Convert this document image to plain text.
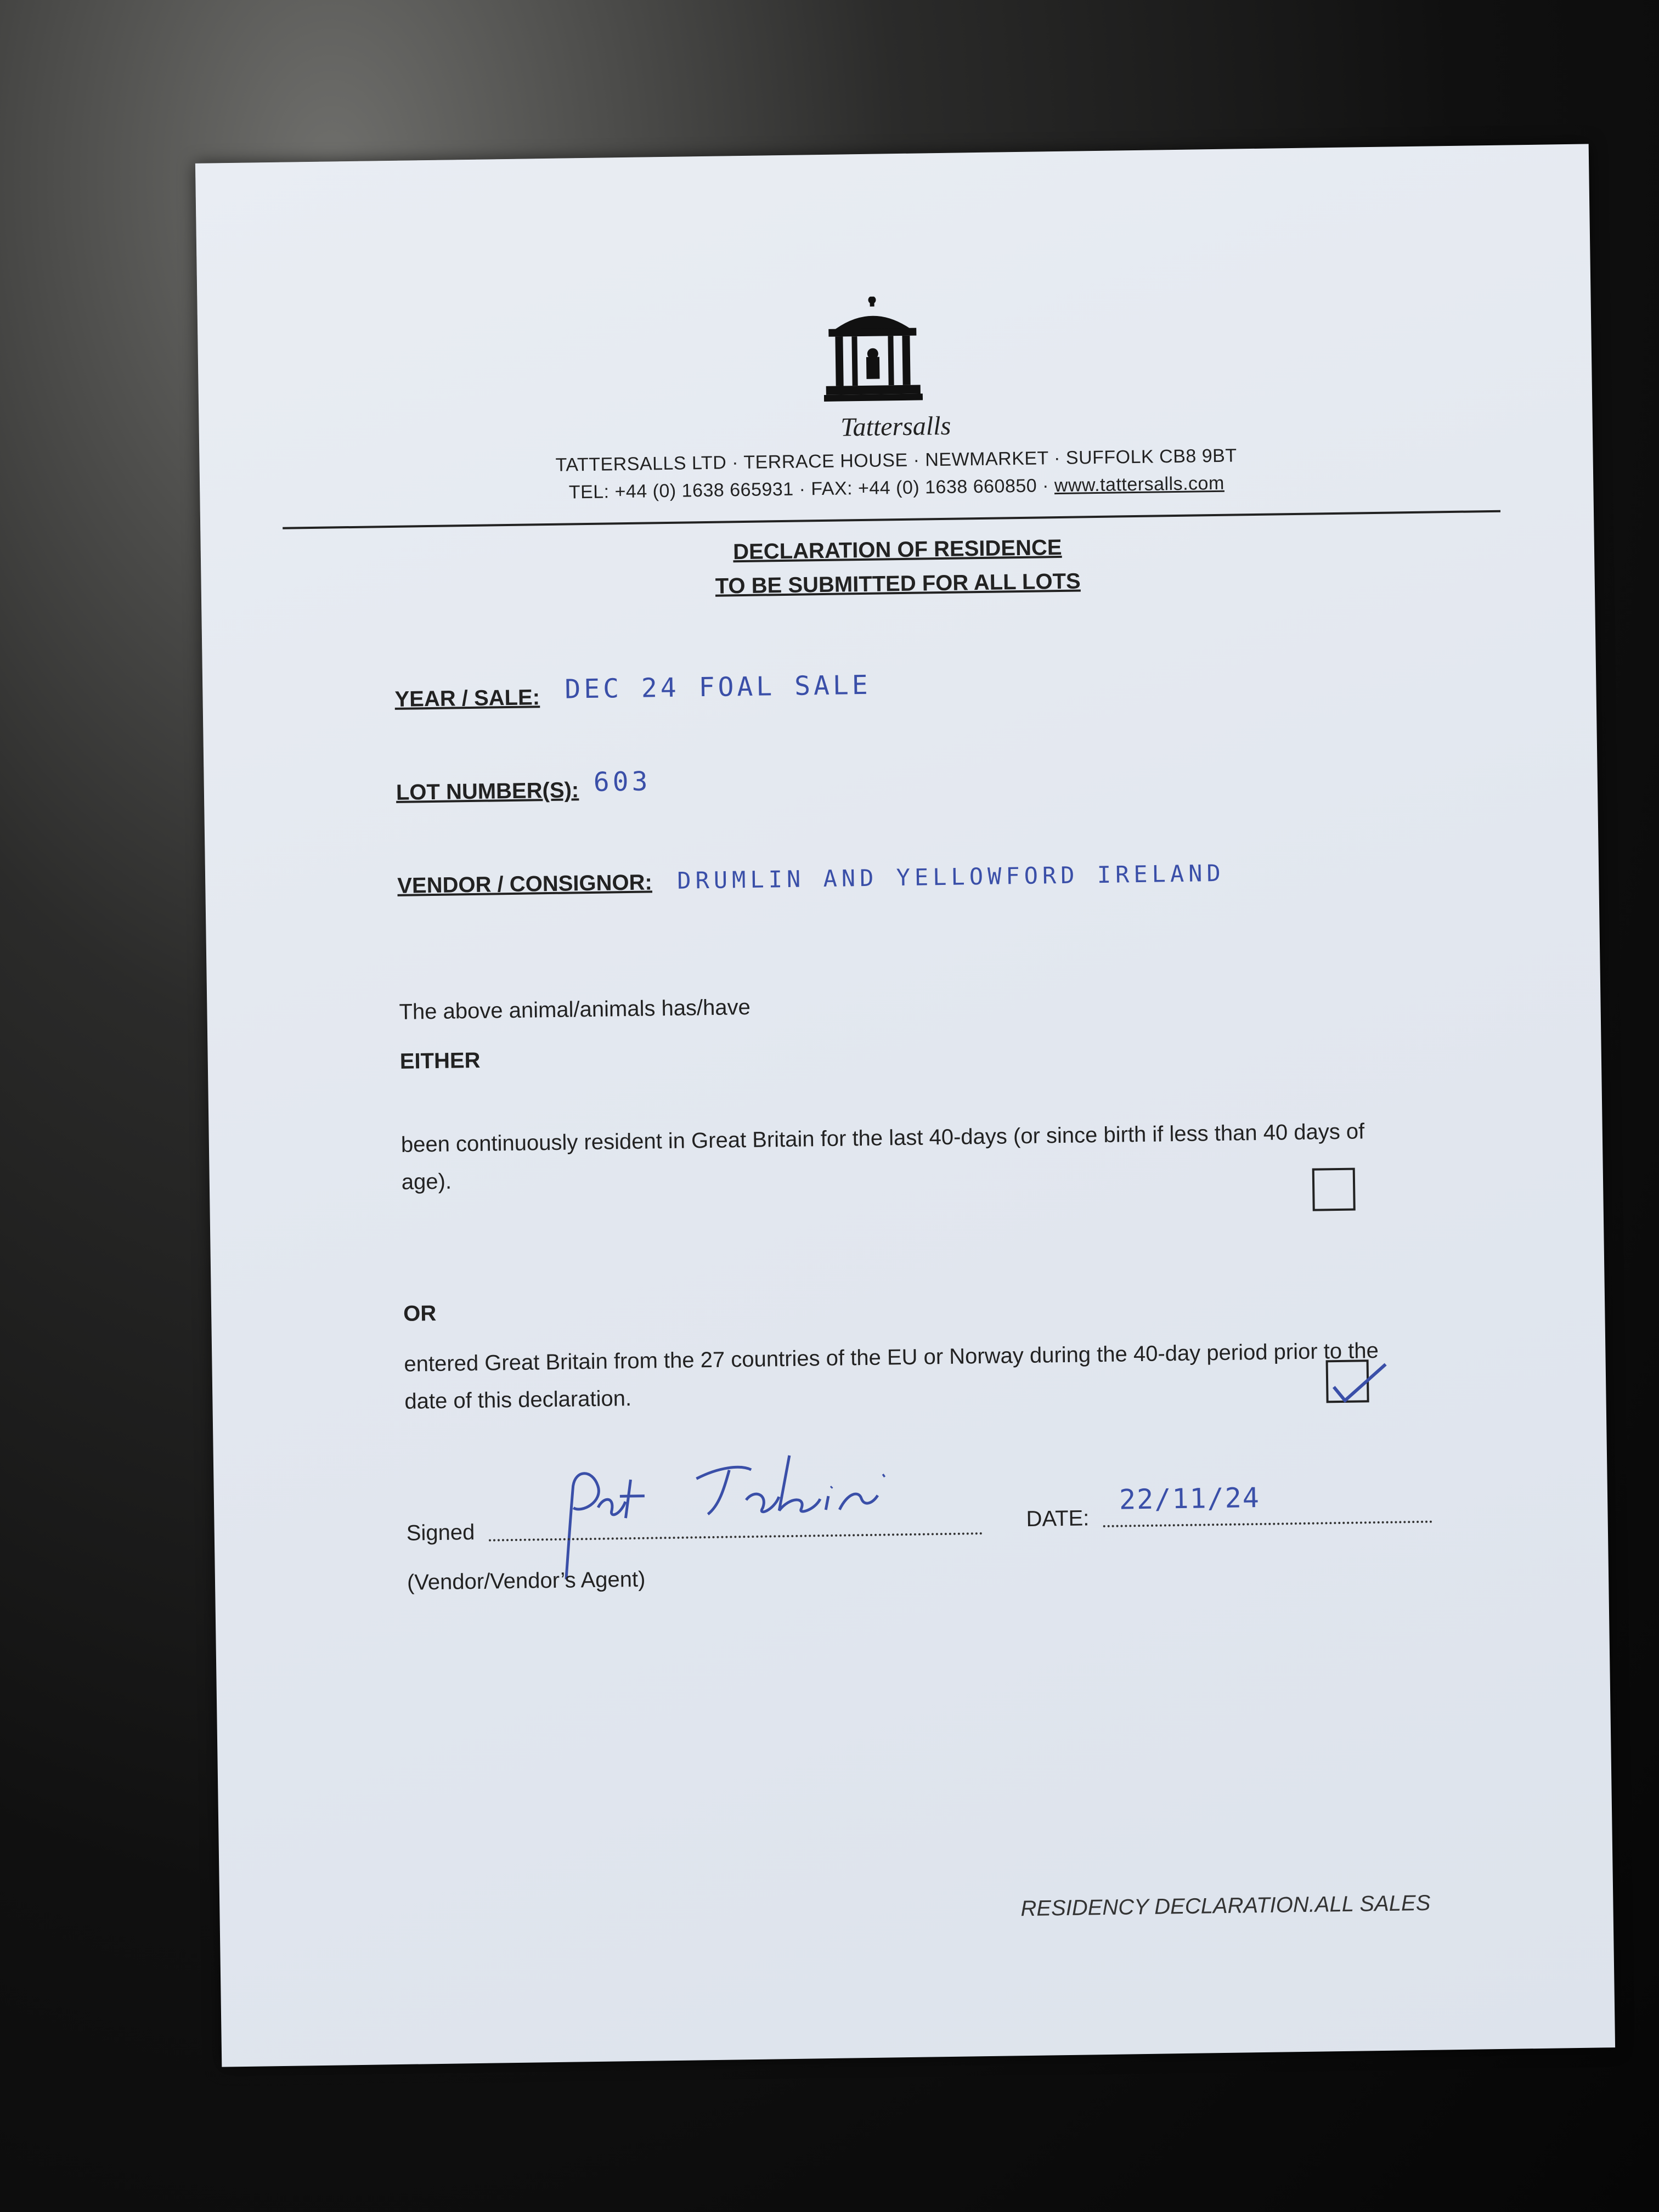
Tattersalls
TATTERSALLS LTD · TERRACE HOUSE · NEWMARKET · SUFFOLK CB8 9BT
TEL: +44 (0) 1638 665931 · FAX: +44 (0) 1638 660850 · www.tattersalls.com
DECLARATION OF RESIDENCE
TO BE SUBMITTED FOR ALL LOTS
YEAR / SALE: DEC 24 FOAL SALE
LOT NUMBER(S): 603
VENDOR / CONSIGNOR: DRUMLIN AND YELLOWFORD IRELAND
The above animal/animals has/have
EITHER
been continuously resident in Great Britain for the last 40-days (or since birth if less than 40 days of age).
OR
entered Great Britain from the 27 countries of the EU or Norway during the 40-day period prior to the date of this declaration.
Signed
DATE:
22/11/24
(Vendor/Vendor’s Agent)
RESIDENCY DECLARATION.ALL SALES
